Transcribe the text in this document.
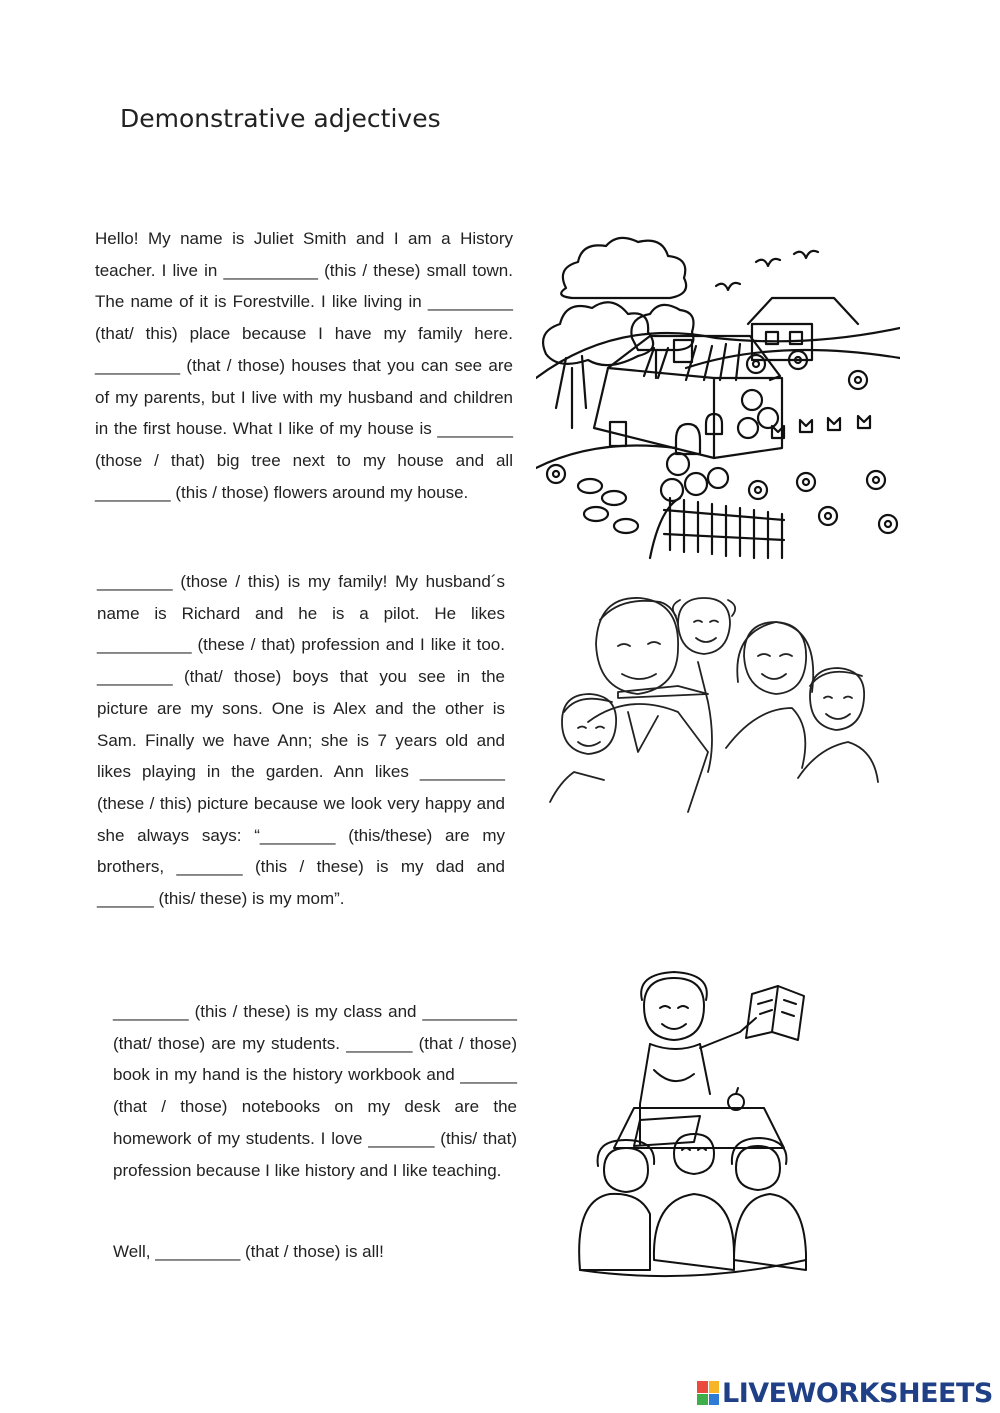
Demonstrative adjectives

Hello! My name is Juliet Smith and I am a History teacher. I live in __________ (this / these) small town. The name of it is Forestville. I like living in _________ (that/ this) place because I have my family here. _________ (that / those) houses that you can see are of my parents, but I live with my husband and children in the first house. What I like of my house is ________ (those / that) big tree next to my house and all ________ (this / those) flowers around my house.

________ (those / this) is my family! My husband´s name is Richard and he is a pilot. He likes __________ (these / that) profession and I like it too. ________ (that/ those) boys that you see in the picture are my sons. One is Alex and the other is Sam. Finally we have Ann; she is 7 years old and likes playing in the garden. Ann likes _________ (these / this) picture because we look very happy and she always says: “________ (this/these) are my brothers, _______ (this / these) is my dad and ______ (this/ these) is my mom”.

________ (this / these) is my class and __________ (that/ those) are my students. _______ (that / those) book in my hand is the history workbook and ______ (that / those) notebooks on my desk are the homework of my students. I love _______ (this/ that) profession because I like history and I like teaching.

Well, _________ (that / those) is all!

LIVEWORKSHEETS
